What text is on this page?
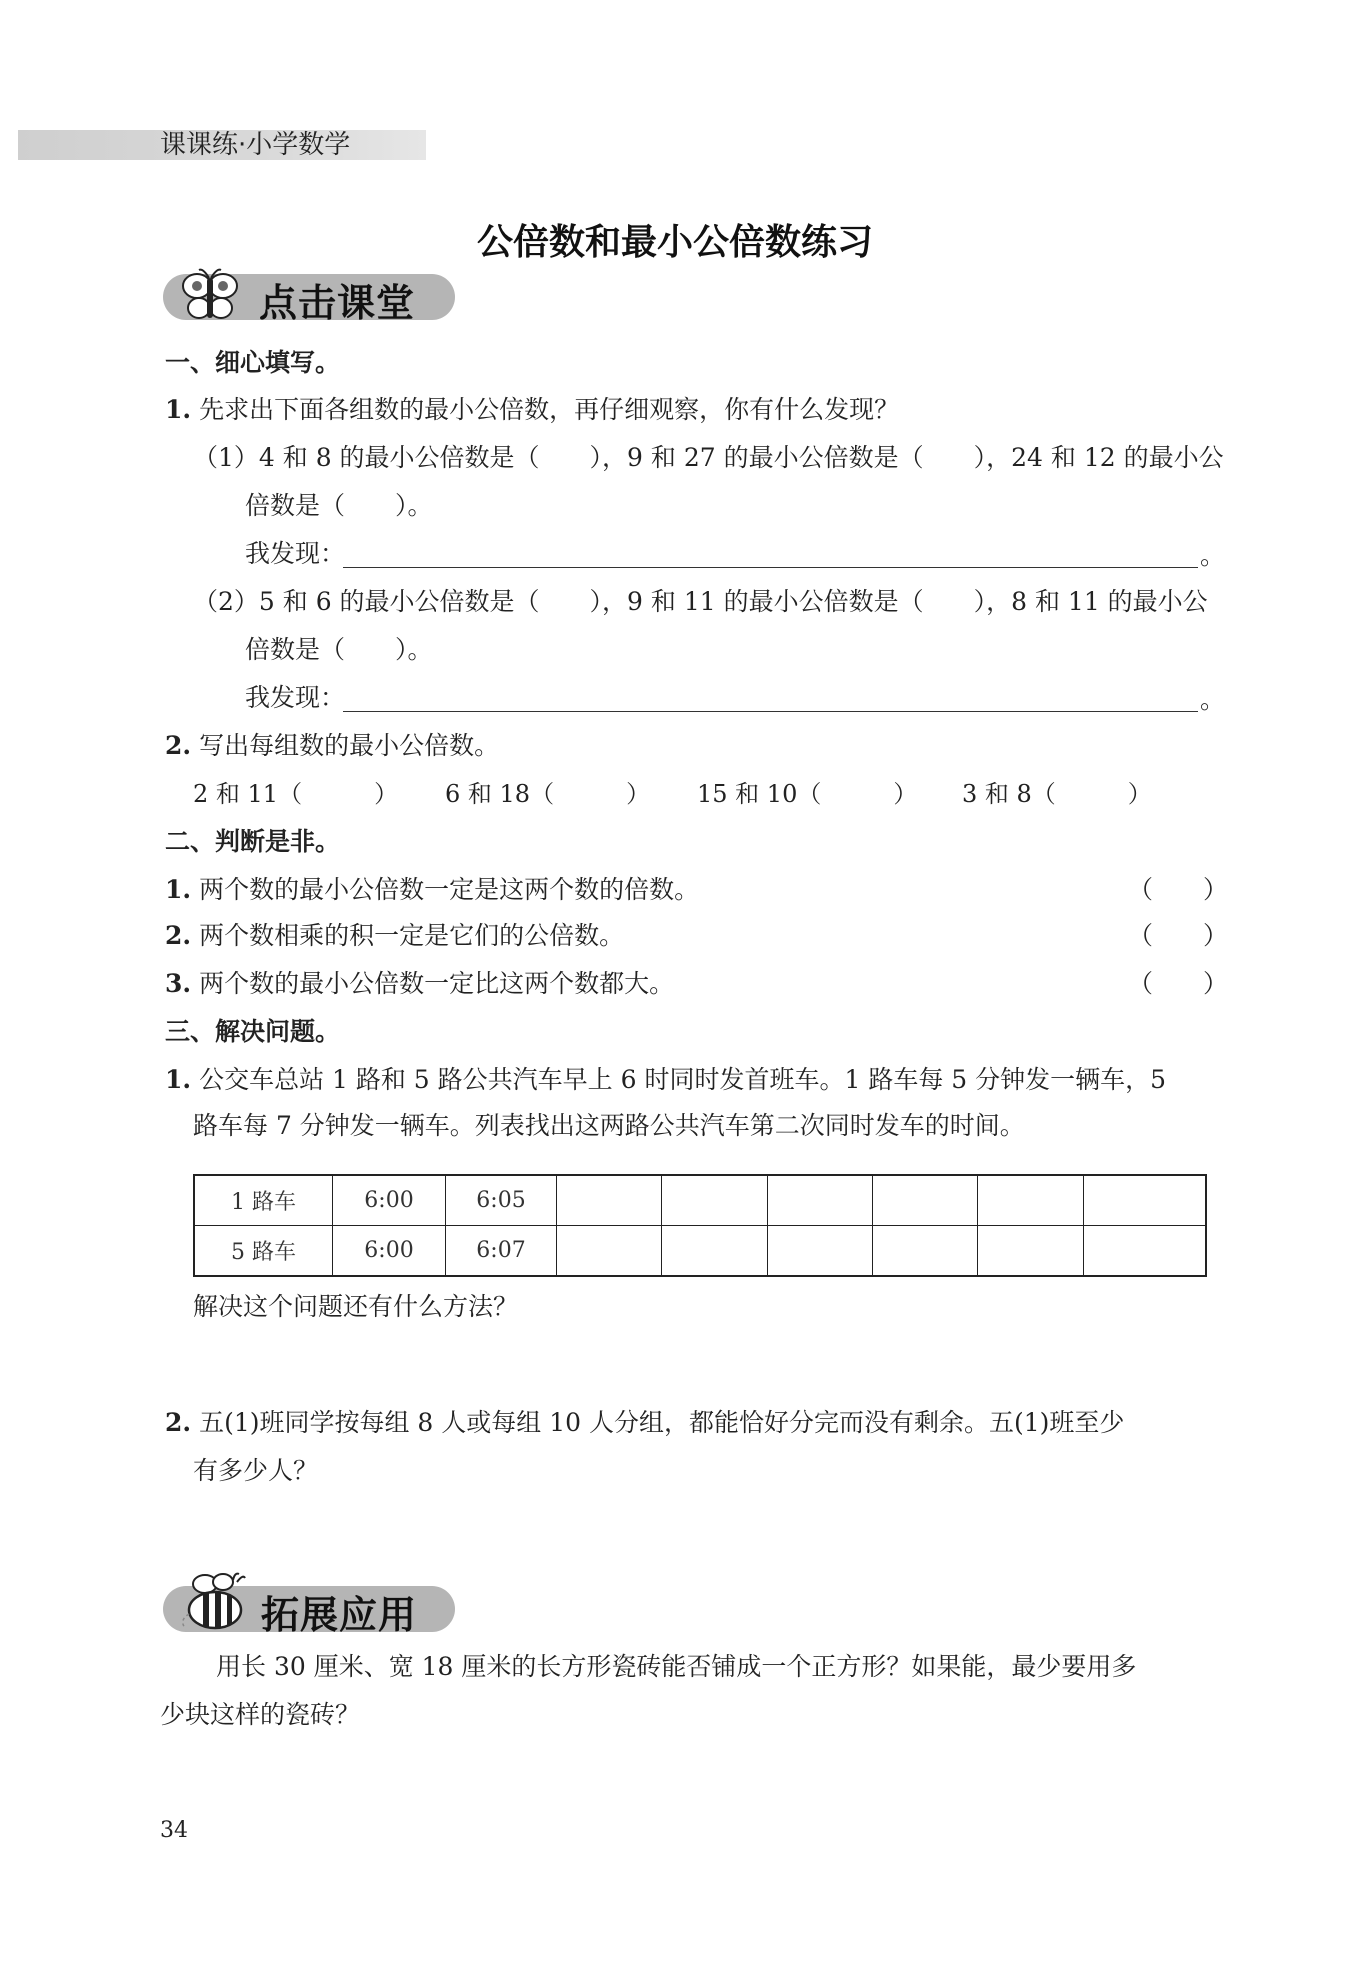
课课练·小学数学
公倍数和最小公倍数练习
点击课堂
一、细心填写。
1. 先求出下面各组数的最小公倍数，再仔细观察，你有什么发现？
（1）4 和 8 的最小公倍数是（　　），9 和 27 的最小公倍数是（　　），24 和 12 的最小公
倍数是（　　）。
我发现：	。
（2）5 和 6 的最小公倍数是（　　），9 和 11 的最小公倍数是（　　），8 和 11 的最小公
倍数是（　　）。
我发现：	。
2. 写出每组数的最小公倍数。
2 和 11（　　　） 6 和 18（　　　） 15 和 10（　　　） 3 和 8（　　　）
二、判断是非。
1. 两个数的最小公倍数一定是这两个数的倍数。	（　　）
2. 两个数相乘的积一定是它们的公倍数。	（　　）
3. 两个数的最小公倍数一定比这两个数都大。	（　　）
三、解决问题。
1. 公交车总站 1 路和 5 路公共汽车早上 6 时同时发首班车。1 路车每 5 分钟发一辆车，5
路车每 7 分钟发一辆车。列表找出这两路公共汽车第二次同时发车的时间。
1 路车	6:00	6:05						
5 路车	6:00	6:07						
解决这个问题还有什么方法？
2. 五(1)班同学按每组 8 人或每组 10 人分组，都能恰好分完而没有剩余。五(1)班至少
有多少人？
拓展应用
用长 30 厘米、宽 18 厘米的长方形瓷砖能否铺成一个正方形？如果能，最少要用多
少块这样的瓷砖？
34
